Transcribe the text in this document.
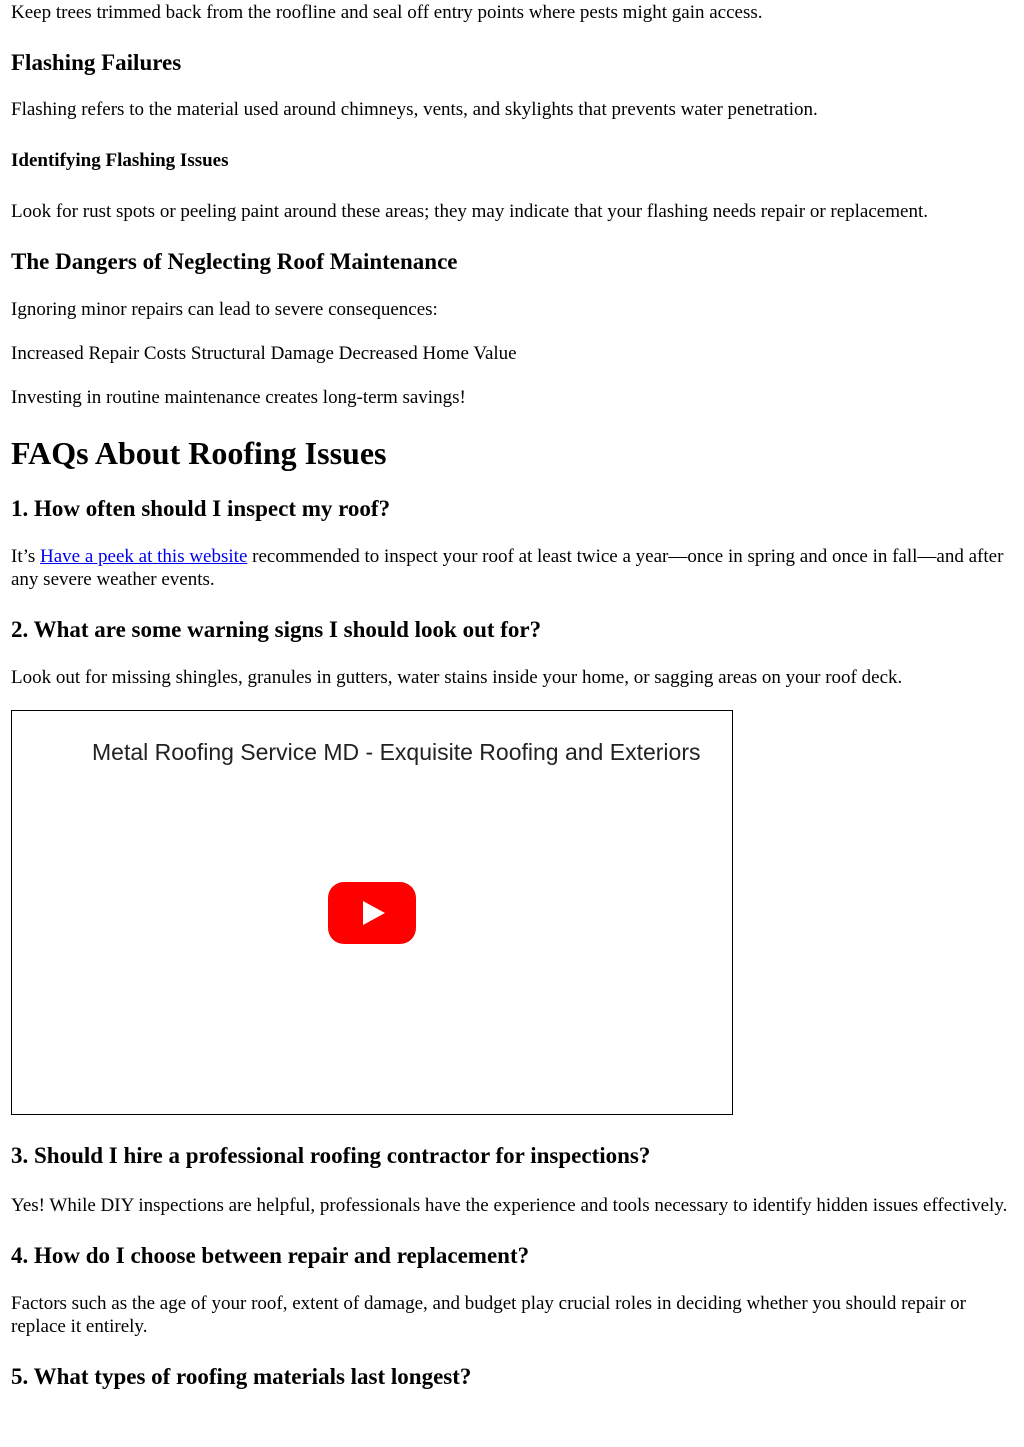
Keep trees trimmed back from the roofline and seal off entry points where pests might gain access.

Flashing Failures

Flashing refers to the material used around chimneys, vents, and skylights that prevents water penetration.

Identifying Flashing Issues

Look for rust spots or peeling paint around these areas; they may indicate that your flashing needs repair or replacement.

The Dangers of Neglecting Roof Maintenance

Ignoring minor repairs can lead to severe consequences:

Increased Repair Costs Structural Damage Decreased Home Value

Investing in routine maintenance creates long-term savings!

FAQs About Roofing Issues
1. How often should I inspect my roof?

It’s Have a peek at this website recommended to inspect your roof at least twice a year—once in spring and once in fall—and after any severe weather events.

2. What are some warning signs I should look out for?

Look out for missing shingles, granules in gutters, water stains inside your home, or sagging areas on your roof deck.

Metal Roofing Service MD - Exquisite Roofing and Exteriors
3. Should I hire a professional roofing contractor for inspections?

Yes! While DIY inspections are helpful, professionals have the experience and tools necessary to identify hidden issues effectively.

4. How do I choose between repair and replacement?

Factors such as the age of your roof, extent of damage, and budget play crucial roles in deciding whether you should repair or replace it entirely.

5. What types of roofing materials last longest?
